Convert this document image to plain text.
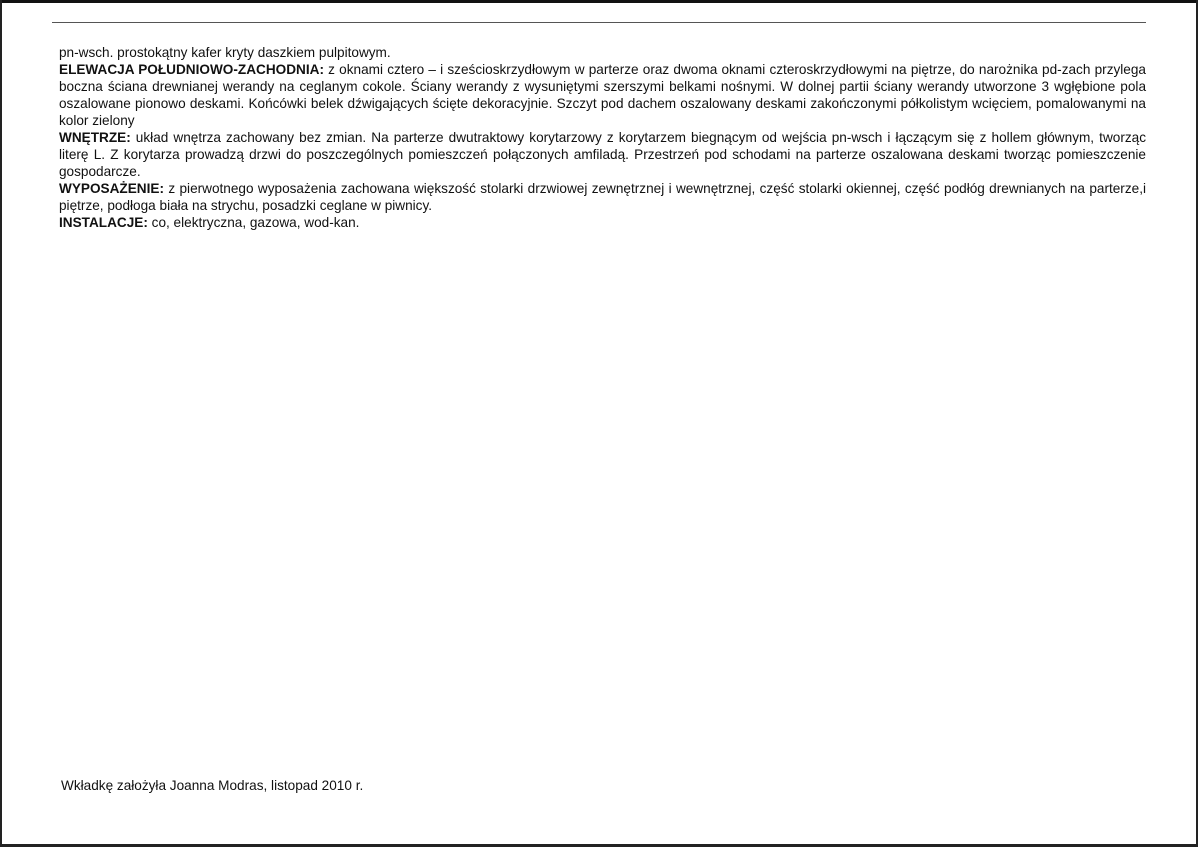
pn-wsch. prostokątny kafer kryty daszkiem pulpitowym.

ELEWACJA POŁUDNIOWO-ZACHODNIA: z oknami cztero – i sześcioskrzydłowym w parterze oraz dwoma oknami czteroskrzydłowymi na piętrze, do narożnika pd-zach przylega boczna ściana drewnianej werandy na ceglanym cokole. Ściany werandy z wysuniętymi szerszymi belkami nośnymi. W dolnej partii ściany werandy utworzone 3 wgłębione pola oszalowane pionowo deskami. Końcówki belek dźwigających ścięte dekoracyjnie. Szczyt pod dachem oszalowany deskami zakończonymi półkolistym wcięciem, pomalowanymi na kolor zielony

WNĘTRZE: układ wnętrza zachowany bez zmian. Na parterze dwutraktowy korytarzowy z korytarzem biegnącym od wejścia pn-wsch i łączącym się z hollem głównym, tworząc literę L. Z korytarza prowadzą drzwi do poszczególnych pomieszczeń połączonych amfiladą. Przestrzeń pod schodami na parterze oszalowana deskami tworząc pomieszczenie gospodarcze.

WYPOSAŻENIE: z pierwotnego wyposażenia zachowana większość stolarki drzwiowej zewnętrznej i wewnętrznej, część stolarki okiennej, część podłóg drewnianych na parterze,i piętrze, podłoga biała na strychu, posadzki ceglane w piwnicy.

INSTALACJE: co, elektryczna, gazowa, wod-kan.

Wkładkę założyła Joanna Modras, listopad 2010 r.
